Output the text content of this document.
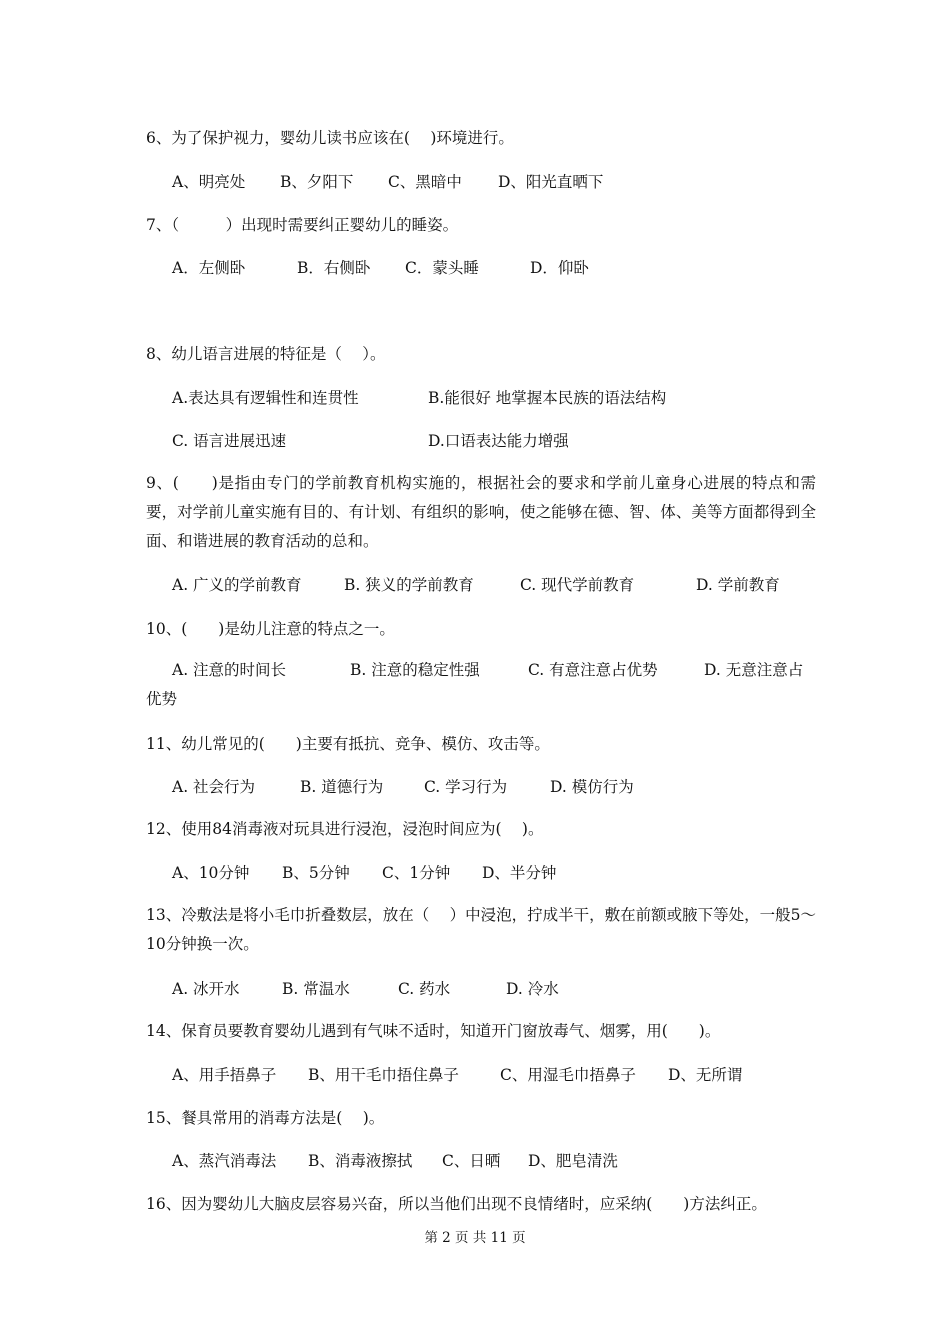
6、为了保护视力，婴幼儿读书应该在(　 )环境进行。
A、明亮处 B、夕阳下 C、黑暗中 D、阳光直晒下
7、（　　　）出现时需要纠正婴幼儿的睡姿。
A．左侧卧	B．右侧卧 C．蒙头睡	D．仰卧
8、幼儿语言进展的特征是（　 ）。
A.表达具有逻辑性和连贯性	B.能很好 地掌握本民族的语法结构
C. 语言进展迅速	D.口语表达能力增强
9、(　　)是指由专门的学前教育机构实施的，根据社会的要求和学前儿童身心进展的特点和需要，对学前儿童实施有目的、有计划、有组织的影响，使之能够在德、智、体、美等方面都得到全面、和谐进展的教育活动的总和。
A. 广义的学前教育	B. 狭义的学前教育	C. 现代学前教育	D. 学前教育
10、(　　)是幼儿注意的特点之一。
A. 注意的时间长	B. 注意的稳定性强	C. 有意注意占优势	D. 无意注意占优势
11、幼儿常见的(　　)主要有抵抗、竞争、模仿、攻击等。
A. 社会行为	B. 道德行为	C. 学习行为	D. 模仿行为
12、使用84消毒液对玩具进行浸泡，浸泡时间应为(　 )。
A、10分钟 B、5分钟 C、1分钟 D、半分钟
13、冷敷法是将小毛巾折叠数层，放在（　 ）中浸泡，拧成半干，敷在前额或腋下等处，一般5～10分钟换一次。
A. 冰开水	B. 常温水	C. 药水	D. 冷水
14、保育员要教育婴幼儿遇到有气味不适时，知道开门窗放毒气、烟雾，用(　　)。
A、用手捂鼻子 B、用干毛巾捂住鼻子	C、用湿毛巾捂鼻子 D、无所谓
15、餐具常用的消毒方法是(　 )。
A、蒸汽消毒法 B、消毒液擦拭 C、日晒 D、肥皂清洗
16、因为婴幼儿大脑皮层容易兴奋，所以当他们出现不良情绪时，应采纳(　　)方法纠正。
第 2 页 共 11 页
